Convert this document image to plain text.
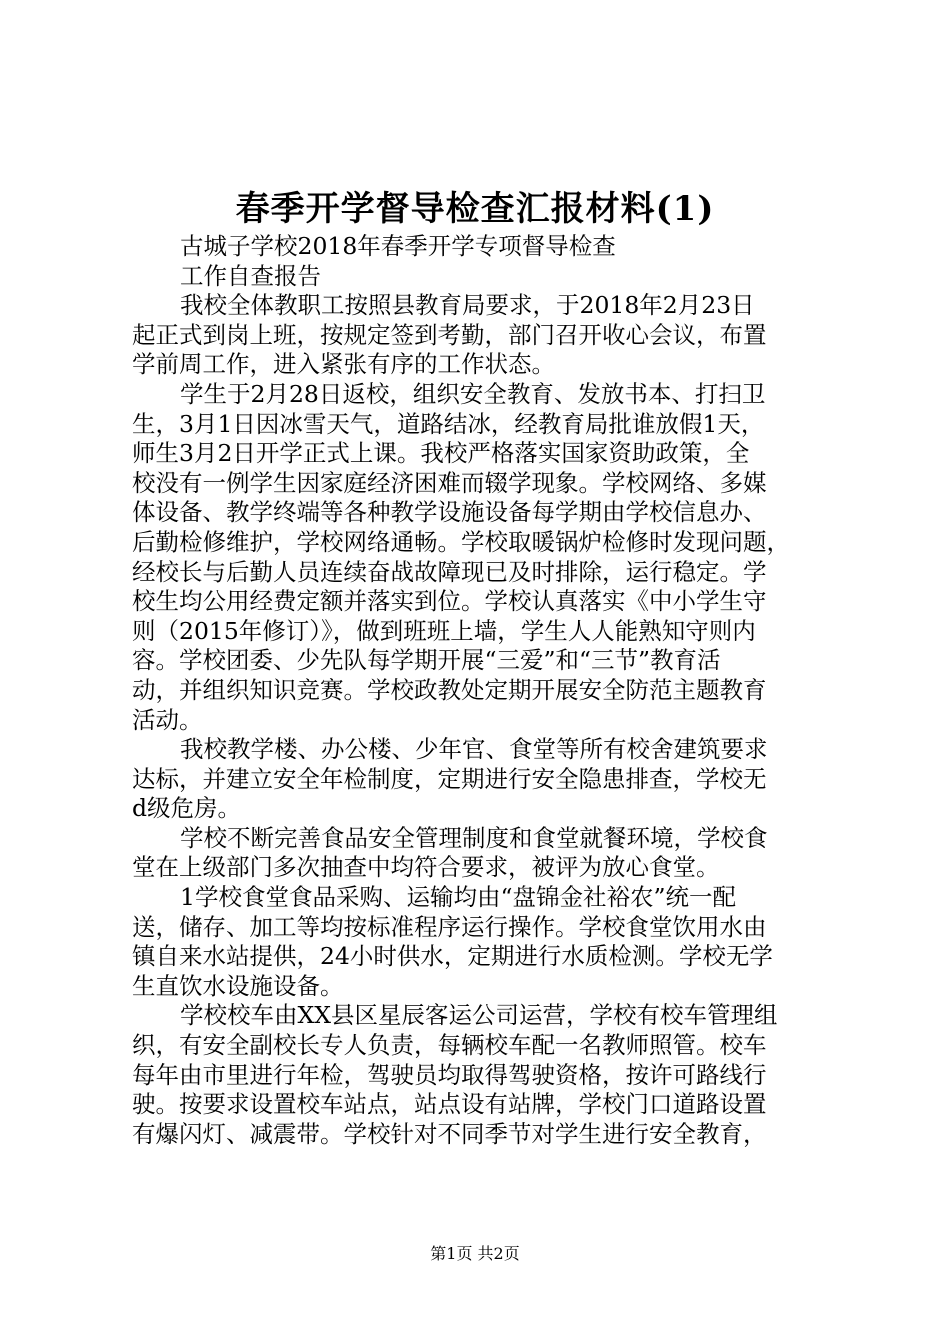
春季开学督导检查汇报材料(1)

古城子学校2018年春季开学专项督导检查

工作自查报告

我校全体教职工按照县教育局要求，于2018年2月23日

起正式到岗上班，按规定签到考勤，部门召开收心会议，布置

学前周工作，进入紧张有序的工作状态。

学生于2月28日返校，组织安全教育、发放书本、打扫卫

生，3月1日因冰雪天气，道路结冰，经教育局批谁放假1天，

师生3月2日开学正式上课。我校严格落实国家资助政策，全

校没有一例学生因家庭经济困难而辍学现象。学校网络、多媒

体设备、教学终端等各种教学设施设备每学期由学校信息办、

后勤检修维护，学校网络通畅。学校取暖锅炉检修时发现问题，

经校长与后勤人员连续奋战故障现已及时排除，运行稳定。学

校生均公用经费定额并落实到位。学校认真落实《中小学生守

则（2015年修订）》，做到班班上墙，学生人人能熟知守则内

容。学校团委、少先队每学期开展“三爱”和“三节”教育活

动，并组织知识竞赛。学校政教处定期开展安全防范主题教育

活动。

我校教学楼、办公楼、少年官、食堂等所有校舍建筑要求

达标，并建立安全年检制度，定期进行安全隐患排查，学校无

d级危房。

学校不断完善食品安全管理制度和食堂就餐环境，学校食

堂在上级部门多次抽查中均符合要求，被评为放心食堂。

1学校食堂食品采购、运输均由“盘锦金社裕农”统一配

送，储存、加工等均按标准程序运行操作。学校食堂饮用水由

镇自来水站提供，24小时供水，定期进行水质检测。学校无学

生直饮水设施设备。

学校校车由XX县区星辰客运公司运营，学校有校车管理组

织，有安全副校长专人负责，每辆校车配一名教师照管。校车

每年由市里进行年检，驾驶员均取得驾驶资格，按许可路线行

驶。按要求设置校车站点，站点设有站牌，学校门口道路设置

有爆闪灯、减震带。学校针对不同季节对学生进行安全教育，

第1页 共2页
